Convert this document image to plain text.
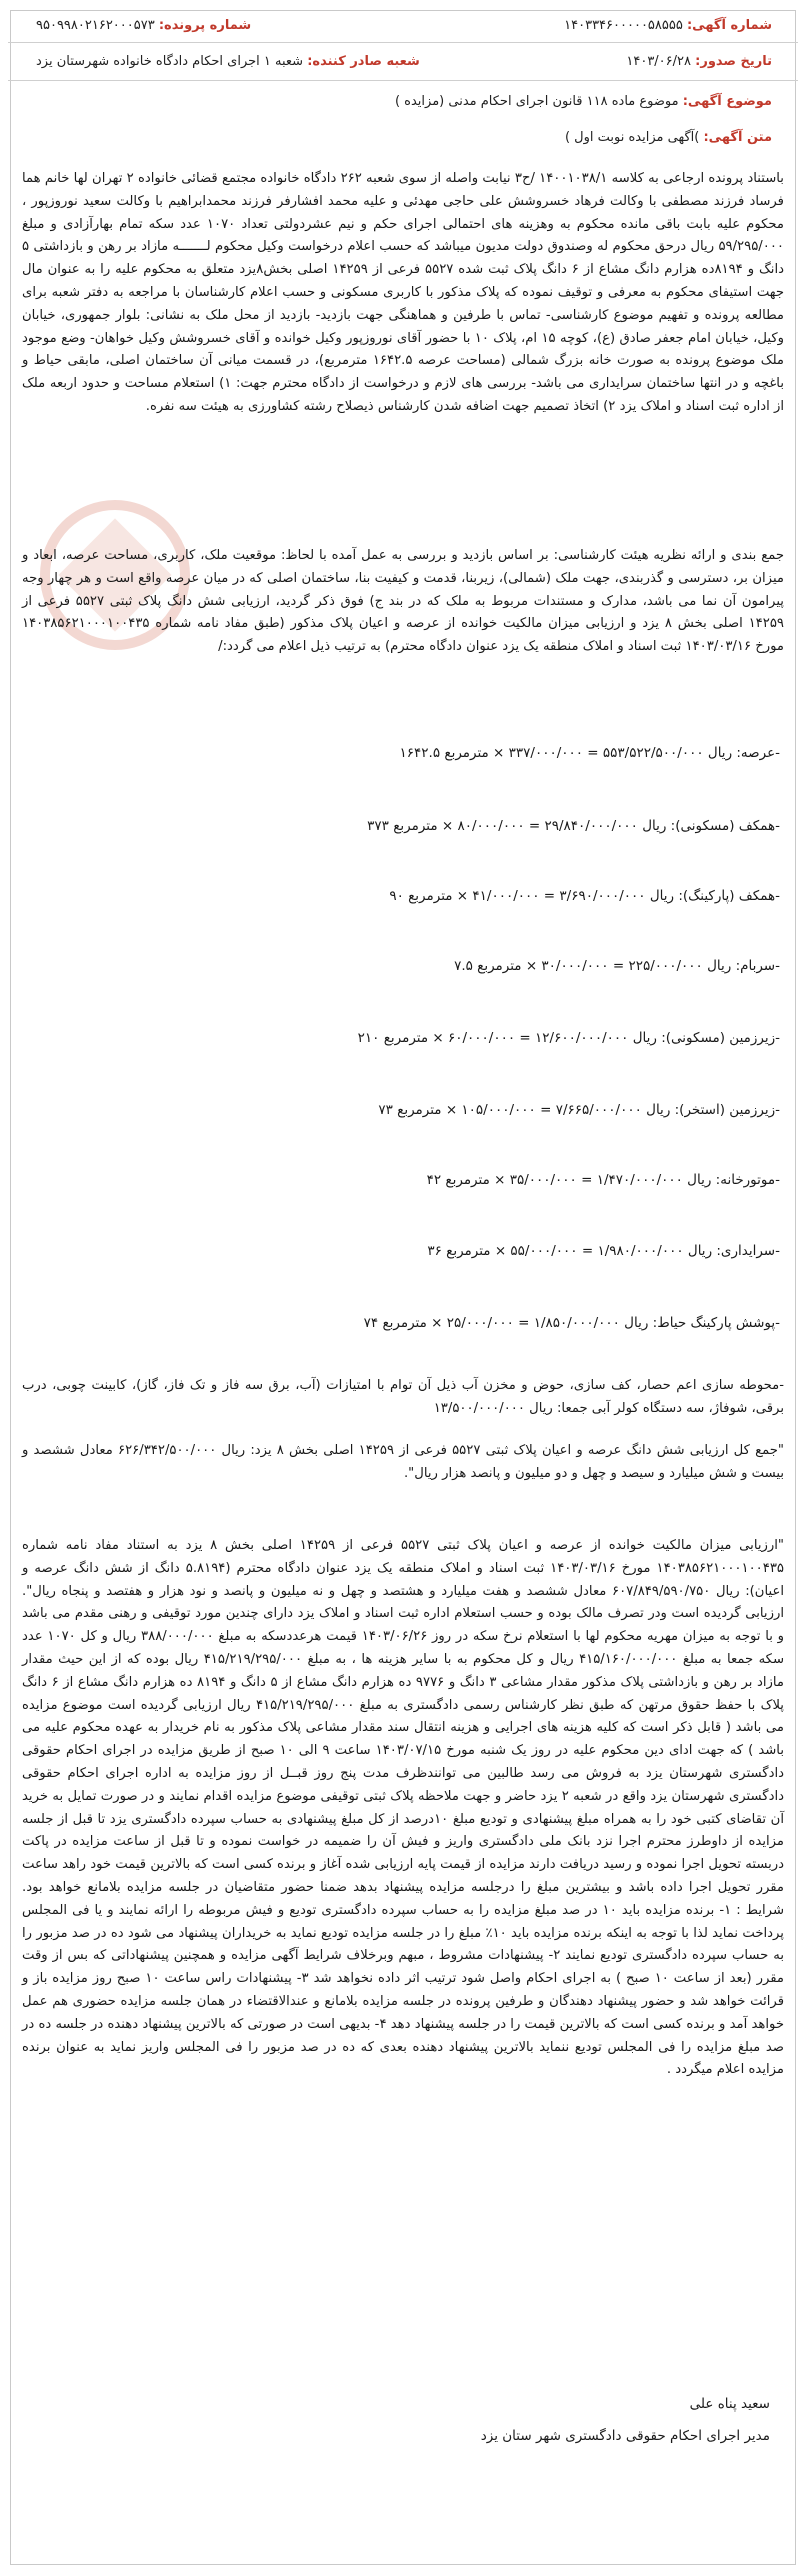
شماره آگهی: ۱۴۰۳۳۴۶۰۰۰۰۰۵۸۵۵۵
شماره پرونده: ۹۵۰۹۹۸۰۲۱۶۲۰۰۰۵۷۳
تاریخ صدور: ۱۴۰۳/۰۶/۲۸
شعبه صادر کننده: شعبه ۱ اجرای احکام دادگاه خانواده شهرستان یزد
موضوع آگهی: موضوع ماده ۱۱۸ قانون اجرای احکام مدنی (مزایده )
متن آگهی: )آگهی مزایده نوبت اول )
باستناد پرونده ارجاعی به کلاسه ۱۴۰۰۱۰۳۸/۱ /ح۳ نیابت واصله از سوی شعبه ۲۶۲ دادگاه خانواده مجتمع قضائی خانواده ۲ تهران لها خانم هما فرساد فرزند مصطفی با وکالت فرهاد خسروشش علی حاجی مهدئی و علیه محمد افشارفر فرزند محمدابراهیم با وکالت سعید نوروزپور ، محکوم علیه بابت باقی مانده محکوم به وهزینه های احتمالی اجرای حکم و نیم عشردولتی تعداد ۱۰۷۰ عدد سکه تمام بهارآزادی و مبلغ ۵۹/۲۹۵/۰۰۰ ریال درحق محکوم له وصندوق دولت مدیون میباشد که حسب اعلام درخواست وکیل محکوم لـــــــه مازاد بر رهن و بازداشتی ۵ دانگ و ۸۱۹۴ده هزارم دانگ مشاع از ۶ دانگ پلاک ثبت شده ۵۵۲۷ فرعی از ۱۴۲۵۹ اصلی بخش۸یزد متعلق به محکوم علیه را به عنوان مال جهت استیفای محکوم به معرفی و توقیف نموده که پلاک مذکور با کاربری مسکونی و حسب اعلام کارشناسان با مراجعه به دفتر شعبه برای مطالعه پرونده و تفهیم موضوع کارشناسی- تماس با طرفین و هماهنگی جهت بازدید- بازدید از محل ملک به نشانی: بلوار جمهوری، خیابان وکیل، خیابان امام جعفر صادق (ع)، کوچه ۱۵ ام، پلاک ۱۰ با حضور آقای نوروزپور وکیل خوانده و آقای خسروشش وکیل خواهان- وضع موجود ملک موضوع پرونده به صورت خانه بزرگ شمالی (مساحت عرصه ۱۶۴۲.۵ مترمربع)، در قسمت میانی آن ساختمان اصلی، مابقی حیاط و باغچه و در انتها ساختمان سرایداری می باشد- بررسی های لازم و درخواست از دادگاه محترم جهت: ۱) استعلام مساحت و حدود اربعه ملک از اداره ثبت اسناد و املاک یزد ۲) اتخاذ تصمیم جهت اضافه شدن کارشناس ذیصلاح رشته کشاورزی به هیئت سه نفره.
جمع بندی و ارائه نظریه هیئت کارشناسی: بر اساس بازدید و بررسی به عمل آمده با لحاظ: موقعیت ملک، کاربری، مساحت عرصه، ابعاد و میزان بر، دسترسی و گذربندی، جهت ملک (شمالی)، زیربنا، قدمت و کیفیت بنا، ساختمان اصلی که در میان عرصه واقع است و هر چهار وجه پیرامون آن نما می باشد، مدارک و مستندات مربوط به ملک که در بند ج) فوق ذکر گردید، ارزیابی شش دانگ پلاک ثبتی ۵۵۲۷ فرعی از ۱۴۲۵۹ اصلی بخش ۸ یزد و ارزیابی میزان مالکیت خوانده از عرصه و اعیان پلاک مذکور (طبق مفاد نامه شماره ۱۴۰۳۸۵۶۲۱۰۰۰۱۰۰۴۳۵ مورخ ۱۴۰۳/۰۳/۱۶ ثبت اسناد و املاک منطقه یک یزد عنوان دادگاه محترم) به ترتیب ذیل اعلام می گردد:/
-عرصه: ریال ۵۵۳/۵۲۲/۵۰۰/۰۰۰ = ۳۳۷/۰۰۰/۰۰۰ × مترمربع ۱۶۴۲.۵
-همکف (مسکونی): ریال ۲۹/۸۴۰/۰۰۰/۰۰۰ = ۸۰/۰۰۰/۰۰۰ × مترمربع ۳۷۳
-همکف (پارکینگ): ریال ۳/۶۹۰/۰۰۰/۰۰۰ = ۴۱/۰۰۰/۰۰۰ × مترمربع ۹۰
-سربام: ریال ۲۲۵/۰۰۰/۰۰۰ = ۳۰/۰۰۰/۰۰۰ × مترمربع ۷.۵
-زیرزمین (مسکونی): ریال ۱۲/۶۰۰/۰۰۰/۰۰۰ = ۶۰/۰۰۰/۰۰۰ × مترمربع ۲۱۰
-زیرزمین (استخر): ریال ۷/۶۶۵/۰۰۰/۰۰۰ = ۱۰۵/۰۰۰/۰۰۰ × مترمربع ۷۳
-موتورخانه: ریال ۱/۴۷۰/۰۰۰/۰۰۰ = ۳۵/۰۰۰/۰۰۰ × مترمربع ۴۲
-سرایداری: ریال ۱/۹۸۰/۰۰۰/۰۰۰ = ۵۵/۰۰۰/۰۰۰ × مترمربع ۳۶
-پوشش پارکینگ حیاط: ریال ۱/۸۵۰/۰۰۰/۰۰۰ = ۲۵/۰۰۰/۰۰۰ × مترمربع ۷۴
-محوطه سازی اعم حصار، کف سازی، حوض و مخزن آب ذیل آن توام با امتیازات (آب، برق سه فاز و تک فاز، گاز)، کابینت چوبی، درب برقی، شوفاژ، سه دستگاه کولر آبی جمعا: ریال ۱۳/۵۰۰/۰۰۰/۰۰۰
"جمع کل ارزیابی شش دانگ عرصه و اعیان پلاک ثبتی ۵۵۲۷ فرعی از ۱۴۲۵۹ اصلی بخش ۸ یزد: ریال ۶۲۶/۳۴۲/۵۰۰/۰۰۰ معادل ششصد و بیست و شش میلیارد و سیصد و چهل و دو میلیون و پانصد هزار ریال".
"ارزیابی میزان مالکیت خوانده از عرصه و اعیان پلاک ثبتی ۵۵۲۷ فرعی از ۱۴۲۵۹ اصلی بخش ۸ یزد به استناد مفاد نامه شماره ۱۴۰۳۸۵۶۲۱۰۰۰۱۰۰۴۳۵ مورخ ۱۴۰۳/۰۳/۱۶ ثبت اسناد و املاک منطقه یک یزد عنوان دادگاه محترم (۵.۸۱۹۴ دانگ از شش دانگ عرصه و اعیان): ریال ۶۰۷/۸۴۹/۵۹۰/۷۵۰ معادل ششصد و هفت میلیارد و هشتصد و چهل و نه میلیون و پانصد و نود هزار و هفتصد و پنجاه ریال". ارزیابی گردیده است ودر تصرف مالک بوده و حسب استعلام اداره ثبت اسناد و املاک یزد دارای چندین مورد توقیفی و رهنی مقدم می باشد و با توجه به میزان مهریه محکوم لها با استعلام نرخ سکه در روز ۱۴۰۳/۰۶/۲۶ قیمت هرعددسکه به مبلغ ۳۸۸/۰۰۰/۰۰۰ ریال و کل ۱۰۷۰ عدد سکه جمعا به مبلغ ۴۱۵/۱۶۰/۰۰۰/۰۰۰ ریال و کل محکوم به با سایر هزینه ها ، به مبلغ ۴۱۵/۲۱۹/۲۹۵/۰۰۰ ریال بوده که از این حیث مقدار مازاد بر رهن و بازداشتی پلاک مذکور مقدار مشاعی ۳ دانگ و ۹۷۷۶ ده هزارم دانگ مشاع از ۵ دانگ و ۸۱۹۴ ده هزارم دانگ مشاع از ۶ دانگ پلاک با حفظ حقوق مرتهن که طبق نظر کارشناس رسمی دادگستری به مبلغ ۴۱۵/۲۱۹/۲۹۵/۰۰۰ ریال ارزیابی گردیده است موضوع مزایده می باشد ( قابل ذکر است که کلیه هزینه های اجرایی و هزینه انتقال سند مقدار مشاعی پلاک مذکور به نام خریدار به عهده محکوم علیه می باشد ) که جهت ادای دین محکوم علیه در روز یک شنبه مورخ ۱۴۰۳/۰۷/۱۵ ساعت ۹ الی ۱۰ صبح از طریق مزایده در اجرای احکام حقوقی دادگستری شهرستان یزد به فروش می رسد طالبین می توانندظرف مدت پنج روز قبــل از روز مزایده به اداره اجرای احکام حقوقی دادگستری شهرستان یزد واقع در شعبه ۲ یزد حاضر و جهت ملاحظه پلاک ثبتی توقیفی موضوع مزایده اقدام نمایند و در صورت تمایل به خرید آن تقاضای کتبی خود را به همراه مبلغ پیشنهادی و تودیع مبلغ ۱۰درصد از کل مبلغ پیشنهادی به حساب سپرده دادگستری یزد تا قبل از جلسه مزایده از داوطرز محترم اجرا نزد بانک ملی دادگستری واریز و فیش آن را ضمیمه در خواست نموده و تا قبل از ساعت مزایده در پاکت دربسته تحویل اجرا نموده و رسید دریافت دارند مزایده از قیمت پایه ارزیابی شده آغاز و برنده کسی است که بالاترین قیمت خود راهد ساعت مقرر تحویل اجرا داده باشد و بیشترین مبلغ را درجلسه مزایده پیشنهاد بدهد ضمنا حضور متقاضیان در جلسه مزایده بلامانع خواهد بود. شرایط : ۱- برنده مزایده باید ۱۰ در صد مبلغ مزایده را به حساب سپرده دادگستری تودیع و فیش مربوطه را ارائه نمایند و یا فی المجلس پرداخت نماید لذا با توجه به اینکه برنده مزایده باید ۱۰٪ مبلغ را در جلسه مزایده تودیع نماید به خریداران پیشنهاد می شود ده در صد مزبور را به حساب سپرده دادگستری تودیع نمایند ۲- پیشنهادات مشروط ، مبهم وبرخلاف شرایط آگهی مزایده و همچنین پیشنهاداتی که بس از وقت مقرر (بعد از ساعت ۱۰ صبح ) به اجرای احکام واصل شود ترتیب اثر داده نخواهد شد ۳- پیشنهادات راس ساعت ۱۰ صبح روز مزایده باز و قرائت خواهد شد و حضور پیشنهاد دهندگان و طرفین پرونده در جلسه مزایده بلامانع و عندالاقتضاء در همان جلسه مزایده حضوری هم عمل خواهد آمد و برنده کسی است که بالاترین قیمت را در جلسه پیشنهاد دهد ۴- بدیهی است در صورتی که بالاترین پیشنهاد دهنده در جلسه ده در صد مبلغ مزایده را فی المجلس تودیع ننماید بالاترین پیشنهاد دهنده بعدی که ده در صد مزبور را فی المجلس واریز نماید به عنوان برنده مزایده اعلام میگردد .
سعید پناه علی
مدیر اجرای احکام حقوقی دادگستری شهر ستان یزد
